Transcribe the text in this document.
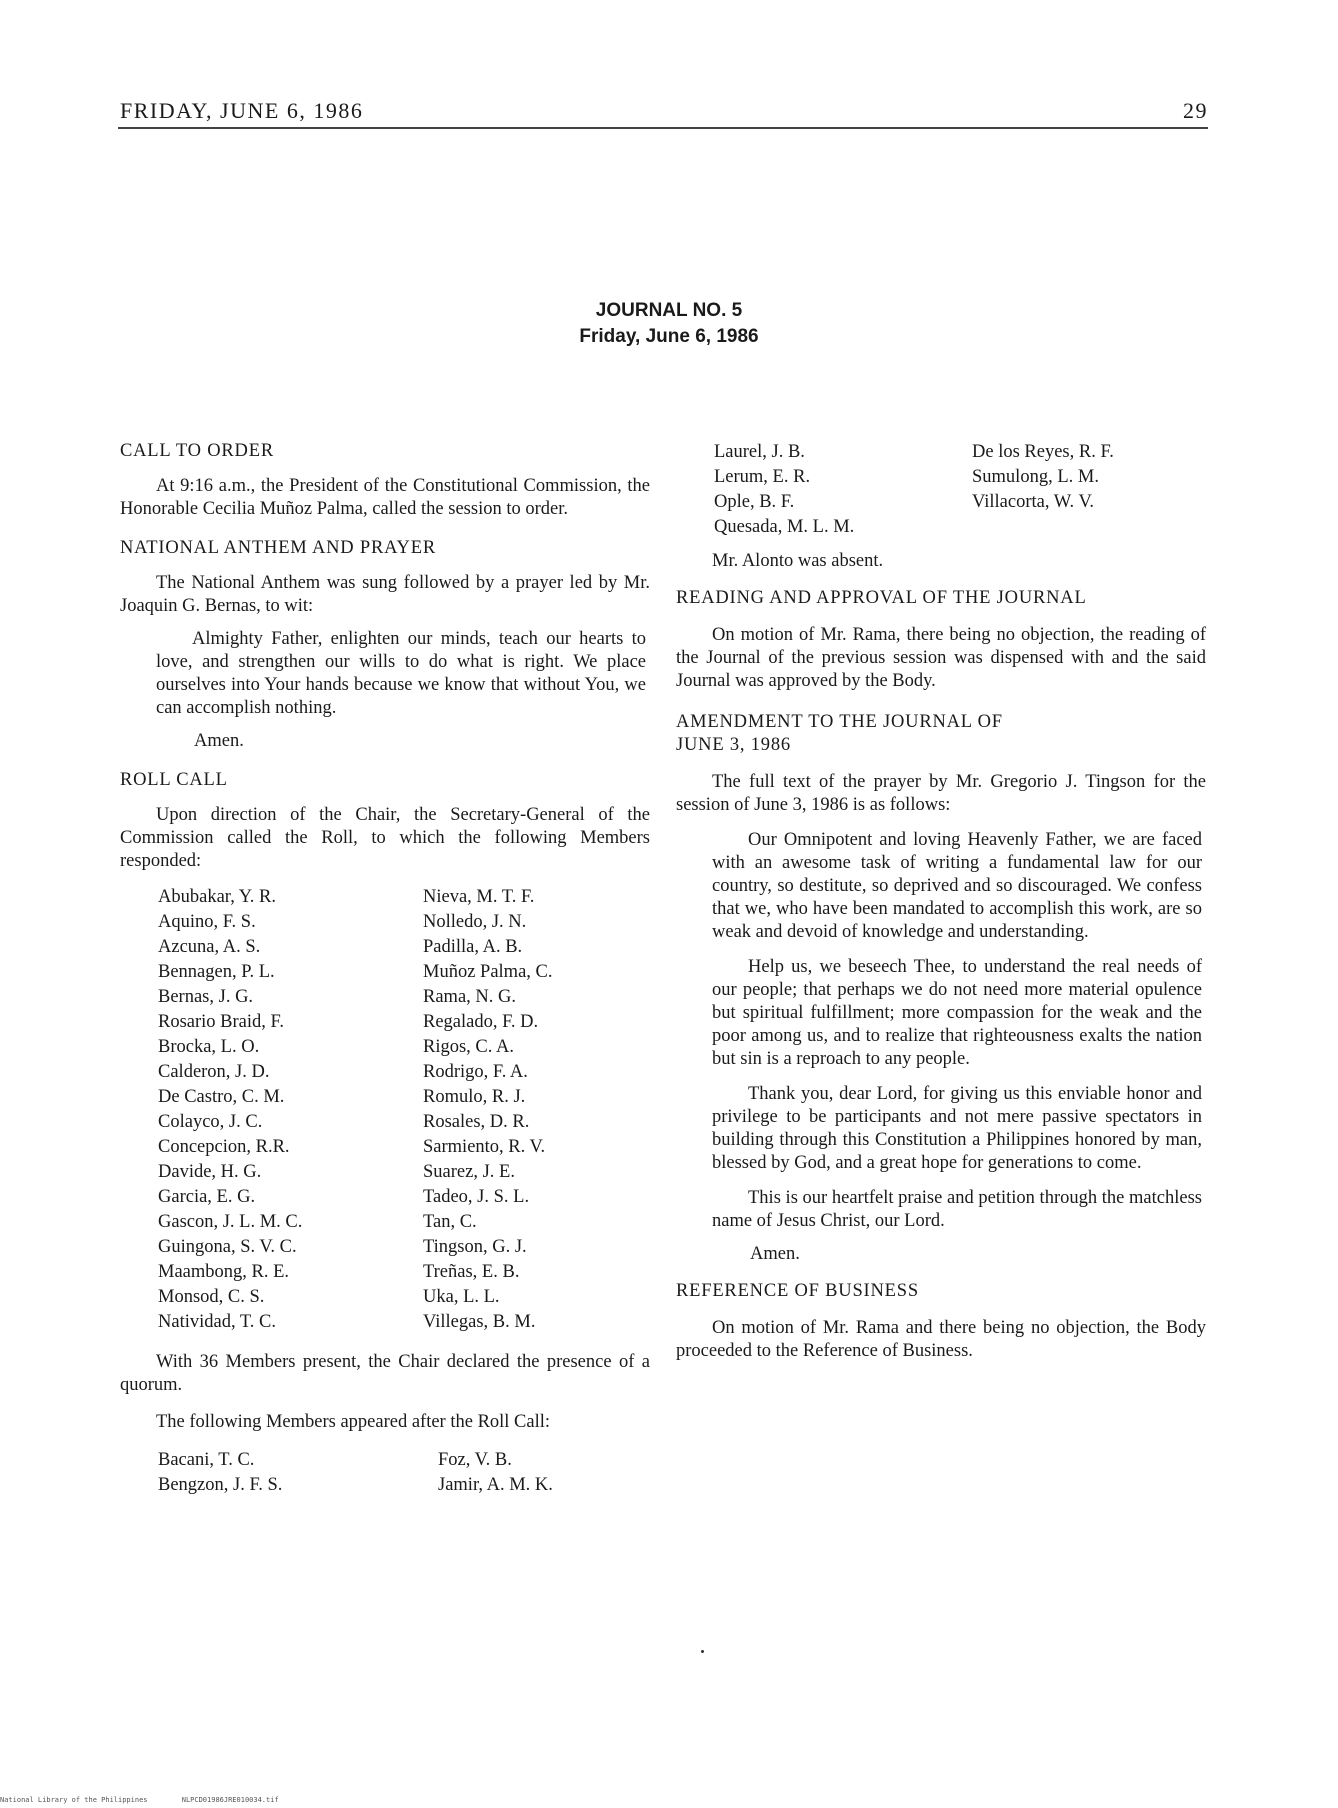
FRIDAY, JUNE 6, 1986	29
JOURNAL NO. 5
Friday, June 6, 1986

CALL TO ORDER

At 9:16 a.m., the President of the Constitutional Commission, the Honorable Cecilia Muñoz Palma, called the session to order.

NATIONAL ANTHEM AND PRAYER

The National Anthem was sung followed by a prayer led by Mr. Joaquin G. Bernas, to wit:

Almighty Father, enlighten our minds, teach our hearts to love, and strengthen our wills to do what is right. We place ourselves into Your hands because we know that without You, we can accomplish nothing.

Amen.

ROLL CALL

Upon direction of the Chair, the Secretary-General of the Commission called the Roll, to which the following Members responded:

Abubakar, Y. R.
Aquino, F. S.
Azcuna, A. S.
Bennagen, P. L.
Bernas, J. G.
Rosario Braid, F.
Brocka, L. O.
Calderon, J. D.
De Castro, C. M.
Colayco, J. C.
Concepcion, R.R.
Davide, H. G.
Garcia, E. G.
Gascon, J. L. M. C.
Guingona, S. V. C.
Maambong, R. E.
Monsod, C. S.
Natividad, T. C.
Nieva, M. T. F.
Nolledo, J. N.
Padilla, A. B.
Muñoz Palma, C.
Rama, N. G.
Regalado, F. D.
Rigos, C. A.
Rodrigo, F. A.
Romulo, R. J.
Rosales, D. R.
Sarmiento, R. V.
Suarez, J. E.
Tadeo, J. S. L.
Tan, C.
Tingson, G. J.
Treñas, E. B.
Uka, L. L.
Villegas, B. M.

With 36 Members present, the Chair declared the presence of a quorum.

The following Members appeared after the Roll Call:

Bacani, T. C.
Bengzon, J. F. S.
Foz, V. B.
Jamir, A. M. K.
Laurel, J. B.
Lerum, E. R.
Ople, B. F.
Quesada, M. L. M.
De los Reyes, R. F.
Sumulong, L. M.
Villacorta, W. V.

Mr. Alonto was absent.

READING AND APPROVAL OF THE JOURNAL

On motion of Mr. Rama, there being no objection, the reading of the Journal of the previous session was dispensed with and the said Journal was approved by the Body.

AMENDMENT TO THE JOURNAL OF
JUNE 3, 1986

The full text of the prayer by Mr. Gregorio J. Tingson for the session of June 3, 1986 is as follows:

Our Omnipotent and loving Heavenly Father, we are faced with an awesome task of writing a fundamental law for our country, so destitute, so deprived and so discouraged. We confess that we, who have been mandated to accomplish this work, are so weak and devoid of knowledge and understanding.

Help us, we beseech Thee, to understand the real needs of our people; that perhaps we do not need more material opulence but spiritual fulfillment; more compassion for the weak and the poor among us, and to realize that righteousness exalts the nation but sin is a reproach to any people.

Thank you, dear Lord, for giving us this enviable honor and privilege to be participants and not mere passive spectators in building through this Constitution a Philippines honored by man, blessed by God, and a great hope for generations to come.

This is our heartfelt praise and petition through the matchless name of Jesus Christ, our Lord.

Amen.

REFERENCE OF BUSINESS

On motion of Mr. Rama and there being no objection, the Body proceeded to the Reference of Business.

National Library of the Philippines	NLPCD01986JRE010034.tif
